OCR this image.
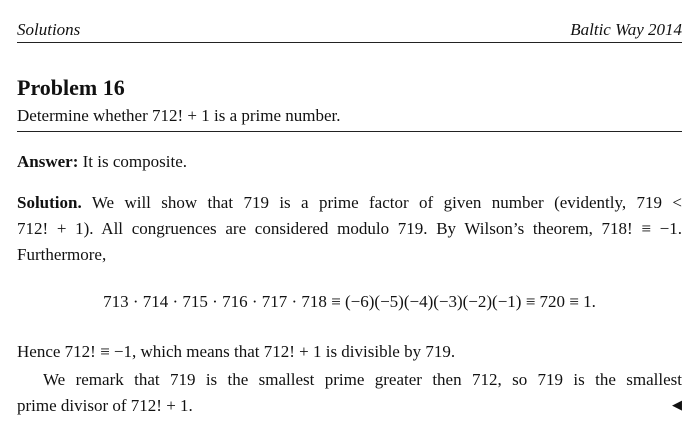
Solutions	Baltic Way 2014
Problem 16
Determine whether 712! + 1 is a prime number.
Answer: It is composite.
Solution. We will show that 719 is a prime factor of given number (evidently, 719 <
712! + 1). All congruences are considered modulo 719. By Wilson’s theorem, 718! ≡ −1.
Furthermore,
713 · 714 · 715 · 716 · 717 · 718 ≡ (−6)(−5)(−4)(−3)(−2)(−1) ≡ 720 ≡ 1.
Hence 712! ≡ −1, which means that 712! + 1 is divisible by 719.
We remark that 719 is the smallest prime greater then 712, so 719 is the smallest
prime divisor of 712! + 1.	◀
